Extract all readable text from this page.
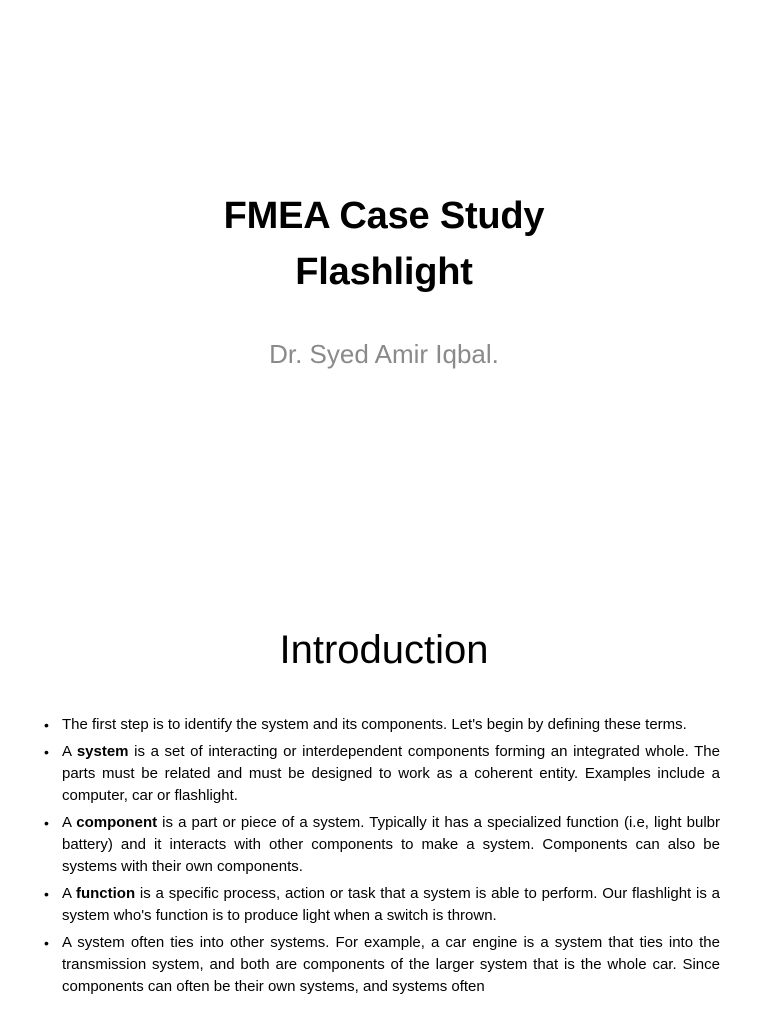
FMEA Case Study
Flashlight
Dr. Syed Amir Iqbal.
Introduction
• The first step is to identify the system and its components. Let's begin by defining these terms.
• A system is a set of interacting or interdependent components forming an integrated whole. The parts must be related and must be designed to work as a coherent entity. Examples include a computer, car or flashlight.
• A component is a part or piece of a system. Typically it has a specialized function (i.e, light bulbr battery) and it interacts with other components to make a system. Components can also be systems with their own components.
• A function is a specific process, action or task that a system is able to perform. Our flashlight is a system who's function is to produce light when a switch is thrown.
• A system often ties into other systems. For example, a car engine is a system that ties into the transmission system, and both are components of the larger system that is the whole car. Since components can often be their own systems, and systems often
